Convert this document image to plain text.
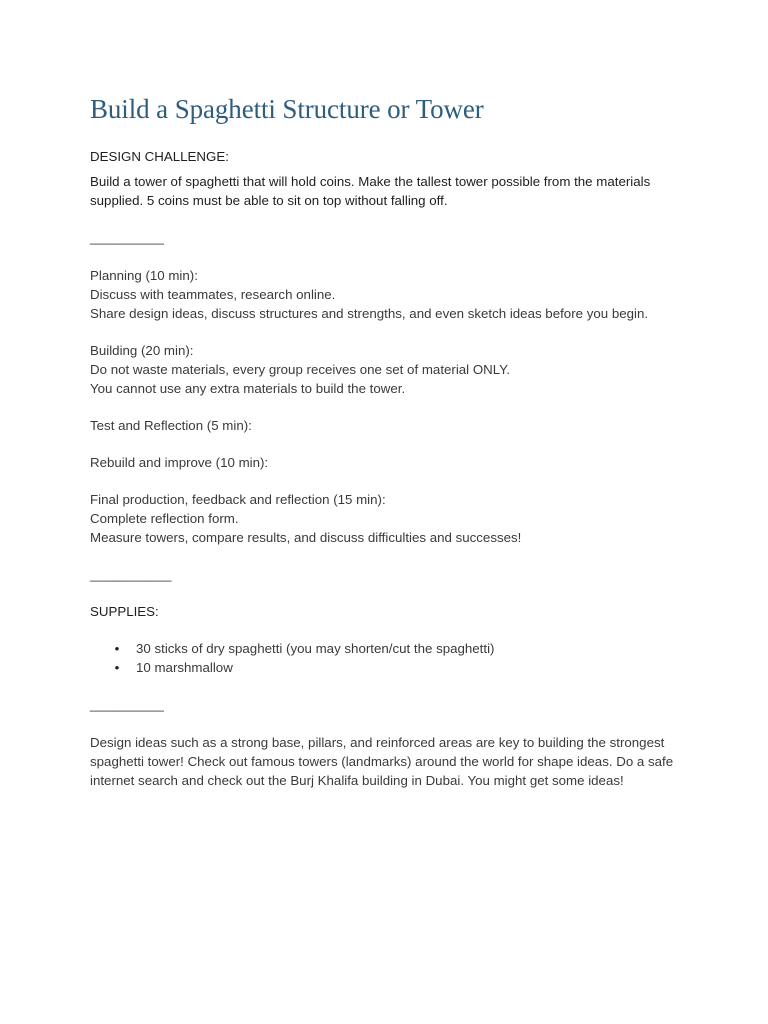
Build a Spaghetti Structure or Tower

DESIGN CHALLENGE:

Build a tower of spaghetti that will hold coins. Make the tallest tower possible from the materials supplied. 5 coins must be able to sit on top without falling off.

__________
Planning (10 min):
Discuss with teammates, research online.
Share design ideas, discuss structures and strengths, and even sketch ideas before you begin.
Building (20 min):
Do not waste materials, every group receives one set of material ONLY.
You cannot use any extra materials to build the tower.
Test and Reflection (5 min):
Rebuild and improve (10 min):
Final production, feedback and reflection (15 min):
Complete reflection form.
Measure towers, compare results, and discuss difficulties and successes!
___________

SUPPLIES:

• 30 sticks of dry spaghetti (you may shorten/cut the spaghetti)
• 10 marshmallow
__________

Design ideas such as a strong base, pillars, and reinforced areas are key to building the strongest spaghetti tower! Check out famous towers (landmarks) around the world for shape ideas. Do a safe internet search and check out the Burj Khalifa building in Dubai. You might get some ideas!
